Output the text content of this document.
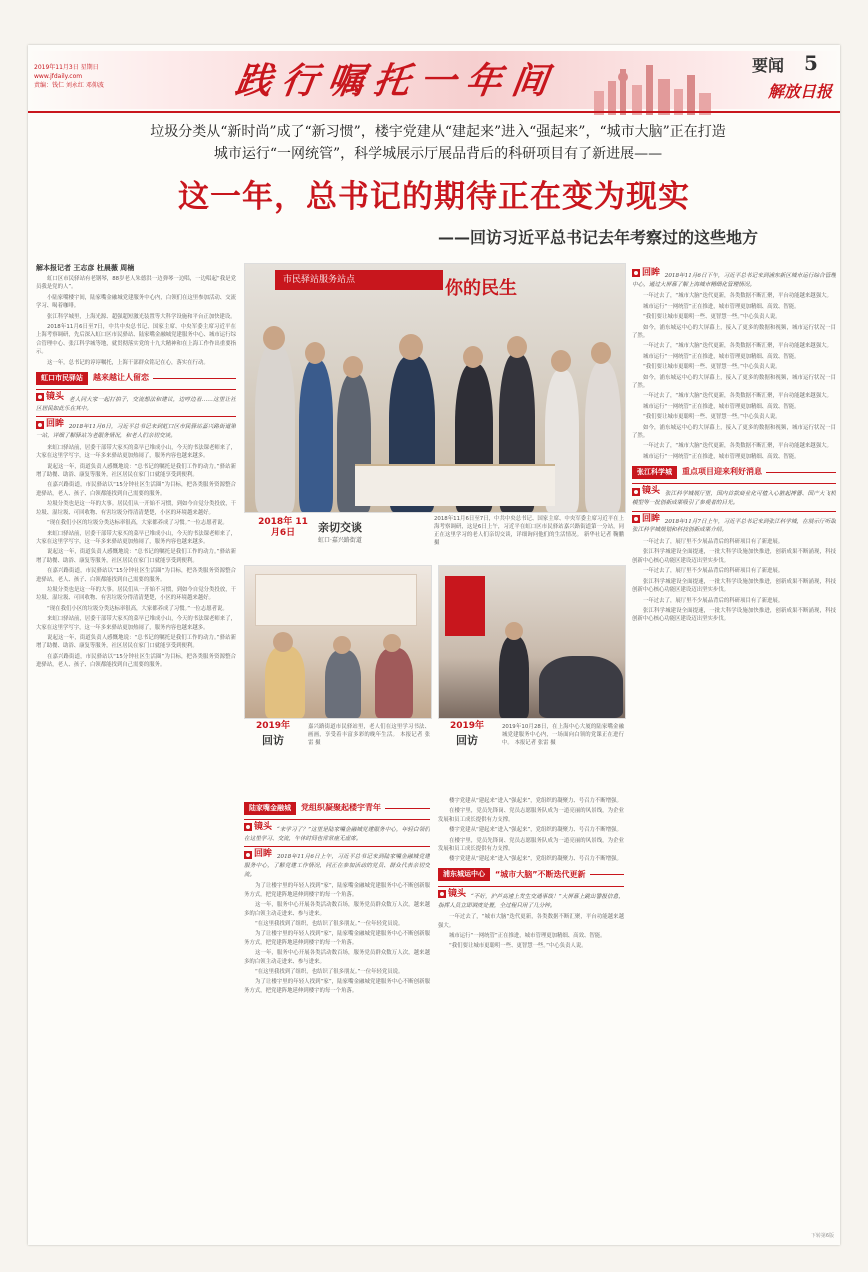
2019年11月3日 星期日
www.jfdaily.com
责编：钱仁 刘永红 邓仰波	践行嘱托一年间	要闻 5
解放日报
垃圾分类从“新时尚”成了“新习惯”，楼宇党建从“建起来”进入“强起来”，“城市大脑”正在打造城市运行“一网统管”，科学城展示厅展品背后的科研项目有了新进展——
这一年，总书记的期待正在变为现实
——回访习近平总书记去年考察过的这些地方

解本报记者 王志彦 杜晨薇 周楠

虹口区市民驿站有老钢琴，88岁老人朱德洪一边弹琴一边唱，一边唱起“我是党员我是党的人”。

小陆家嘴楼宇间，陆家嘴金融城党建服务中心内，白领们在这里参加活动、交流学习、喝着咖啡。

张江科学城里，上海光源、超强超短激光装置等大科学设施和平台正加快建设。

2018年11月6日至7日，中共中央总书记、国家主席、中央军委主席习近平在上海考察调研，先后深入虹口区市民驿站、陆家嘴金融城党建服务中心、城市运行综合管理中心、张江科学城等地，就贯彻落实党的十九大精神和在上海工作作出重要指示。

这一年，总书记的谆谆嘱托，上海干部群众铭记在心，落实在行动。

虹口市民驿站	越来越让人留恋
镜头 老人同大家一起打拍子，交流想法和建议，边哼边看……这里让社区居民如此乐在其中。
回眸 2018年11月6日，习近平总书记来到虹口区市民驿站嘉兴路街道第一站，详细了解驿站为老服务情况，和老人们亲切交谈。

来虹口驿站前，居委干部带大家买的菜早已堆成小山，今天的书法课老师来了，大家在这里学写字，这一年多来驿站更加热闹了，服务内容也越来越多。

说起这一年，街道负责人感慨地说：“总书记的嘱托是我们工作的动力。”驿站新增了助餐、助浴、康复等服务，社区居民在家门口就能享受到便利。

在嘉兴路街道，市民驿站以“15分钟社区生活圈”为目标，把各类服务资源整合进驿站，老人、孩子、白领都能找到自己需要的服务。

垃圾分类也是这一年的大事。居民们从一开始不习惯，到如今自觉分类投放，干垃圾、湿垃圾、可回收物、有害垃圾分得清清楚楚，小区的环境越来越好。

“现在我们小区的垃圾分类达标率很高，大家都养成了习惯。”一位志愿者说。

来虹口驿站前，居委干部带大家买的菜早已堆成小山，今天的书法课老师来了，大家在这里学写字，这一年多来驿站更加热闹了，服务内容也越来越多。

说起这一年，街道负责人感慨地说：“总书记的嘱托是我们工作的动力。”驿站新增了助餐、助浴、康复等服务，社区居民在家门口就能享受到便利。

在嘉兴路街道，市民驿站以“15分钟社区生活圈”为目标，把各类服务资源整合进驿站，老人、孩子、白领都能找到自己需要的服务。

垃圾分类也是这一年的大事。居民们从一开始不习惯，到如今自觉分类投放，干垃圾、湿垃圾、可回收物、有害垃圾分得清清楚楚，小区的环境越来越好。

“现在我们小区的垃圾分类达标率很高，大家都养成了习惯。”一位志愿者说。

来虹口驿站前，居委干部带大家买的菜早已堆成小山，今天的书法课老师来了，大家在这里学写字，这一年多来驿站更加热闹了，服务内容也越来越多。

说起这一年，街道负责人感慨地说：“总书记的嘱托是我们工作的动力。”驿站新增了助餐、助浴、康复等服务，社区居民在家门口就能享受到便利。

在嘉兴路街道，市民驿站以“15分钟社区生活圈”为目标，把各类服务资源整合进驿站，老人、孩子、白领都能找到自己需要的服务。

市民驿站服务站点	你的民生
2018年 11月6日	亲切交谈
虹口·嘉兴路街道
2018年11月6日至7日，中共中央总书记、国家主席、中央军委主席习近平在上海考察调研，这是6日上午，习近平在虹口区市民驿站嘉兴路街道第一分站，同正在这里学习的老人们亲切交谈，详细询问他们的生活情况。 新华社记者 鞠鹏 摄
2019年
回访
嘉兴路街道市民驿站里，老人们在这里学习书法、画画，享受着丰富多彩的晚年生活。 本报记者 张雷 摄
2019年
回访
2019年10月28日，在上海中心大厦的陆家嘴金融城党建服务中心内，一场面向白领的党课正在进行中。 本报记者 张雷 摄
陆家嘴金融城	党组织凝聚起楼宇青年
镜头 “来学习了？”这里是陆家嘴金融城党建服务中心，年轻白领们在这里学习、交流，午休时间也常常座无虚席。
回眸 2018年11月6日上午，习近平总书记来到陆家嘴金融城党建服务中心，了解党建工作情况，同正在参加活动的党员、群众代表亲切交流。

为了让楼宇里的年轻人找到“家”，陆家嘴金融城党建服务中心不断创新服务方式，把党建阵地延伸到楼宇的每一个角落。

这一年，服务中心开展各类活动数百场，服务党员群众数万人次，越来越多的白领主动走进来、参与进来。

“在这里我找到了组织，也结识了很多朋友。”一位年轻党员说。

为了让楼宇里的年轻人找到“家”，陆家嘴金融城党建服务中心不断创新服务方式，把党建阵地延伸到楼宇的每一个角落。

这一年，服务中心开展各类活动数百场，服务党员群众数万人次，越来越多的白领主动走进来、参与进来。

“在这里我找到了组织，也结识了很多朋友。”一位年轻党员说。

为了让楼宇里的年轻人找到“家”，陆家嘴金融城党建服务中心不断创新服务方式，把党建阵地延伸到楼宇的每一个角落。

楼宇党建从“建起来”进入“强起来”，党组织的凝聚力、号召力不断增强。

在楼宇里，党员先锋岗、党员志愿服务队成为一道亮丽的风景线，为企业发展和员工成长提供有力支撑。

楼宇党建从“建起来”进入“强起来”，党组织的凝聚力、号召力不断增强。

在楼宇里，党员先锋岗、党员志愿服务队成为一道亮丽的风景线，为企业发展和员工成长提供有力支撑。

楼宇党建从“建起来”进入“强起来”，党组织的凝聚力、号召力不断增强。

浦东城运中心	“城市大脑”不断迭代更新
镜头 “不好，沪芦高速上发生交通事故！”大屏幕上跳出警报信息，指挥人员立即调度处置，全过程只用了几分钟。

一年过去了，“城市大脑”迭代更新，各类数据不断汇聚，平台功能越来越强大。

城市运行“一网统管”正在推进，城市管理更加精细、高效、智能。

“我们要让城市更聪明一些、更智慧一些。”中心负责人说。

回眸 2018年11月6日下午，习近平总书记来到浦东新区城市运行综合管理中心，通过大屏幕了解上海城市精细化管理情况。

一年过去了，“城市大脑”迭代更新，各类数据不断汇聚，平台功能越来越强大。

城市运行“一网统管”正在推进，城市管理更加精细、高效、智能。

“我们要让城市更聪明一些、更智慧一些。”中心负责人说。

如今，浦东城运中心的大屏幕上，接入了更多的数据和视频，城市运行状况一目了然。

一年过去了，“城市大脑”迭代更新，各类数据不断汇聚，平台功能越来越强大。

城市运行“一网统管”正在推进，城市管理更加精细、高效、智能。

“我们要让城市更聪明一些、更智慧一些。”中心负责人说。

如今，浦东城运中心的大屏幕上，接入了更多的数据和视频，城市运行状况一目了然。

一年过去了，“城市大脑”迭代更新，各类数据不断汇聚，平台功能越来越强大。

城市运行“一网统管”正在推进，城市管理更加精细、高效、智能。

“我们要让城市更聪明一些、更智慧一些。”中心负责人说。

如今，浦东城运中心的大屏幕上，接入了更多的数据和视频，城市运行状况一目了然。

一年过去了，“城市大脑”迭代更新，各类数据不断汇聚，平台功能越来越强大。

城市运行“一网统管”正在推进，城市管理更加精细、高效、智能。

张江科学城	重点项目迎来利好消息
镜头 张江科学城展厅里，国内首款商业化可植入心脏起搏器、国产大飞机模型等一批创新成果吸引了参观者的目光。
回眸 2018年11月7日上午，习近平总书记来到张江科学城，在展示厅听取张江科学城规划和科技创新成果介绍。

一年过去了，展厅里不少展品背后的科研项目有了新进展。

张江科学城建设全面提速，一批大科学设施加快推进，创新成果不断涌现，科技创新中心核心功能区建设迈出坚实步伐。

一年过去了，展厅里不少展品背后的科研项目有了新进展。

张江科学城建设全面提速，一批大科学设施加快推进，创新成果不断涌现，科技创新中心核心功能区建设迈出坚实步伐。

一年过去了，展厅里不少展品背后的科研项目有了新进展。

张江科学城建设全面提速，一批大科学设施加快推进，创新成果不断涌现，科技创新中心核心功能区建设迈出坚实步伐。

下转第6版
